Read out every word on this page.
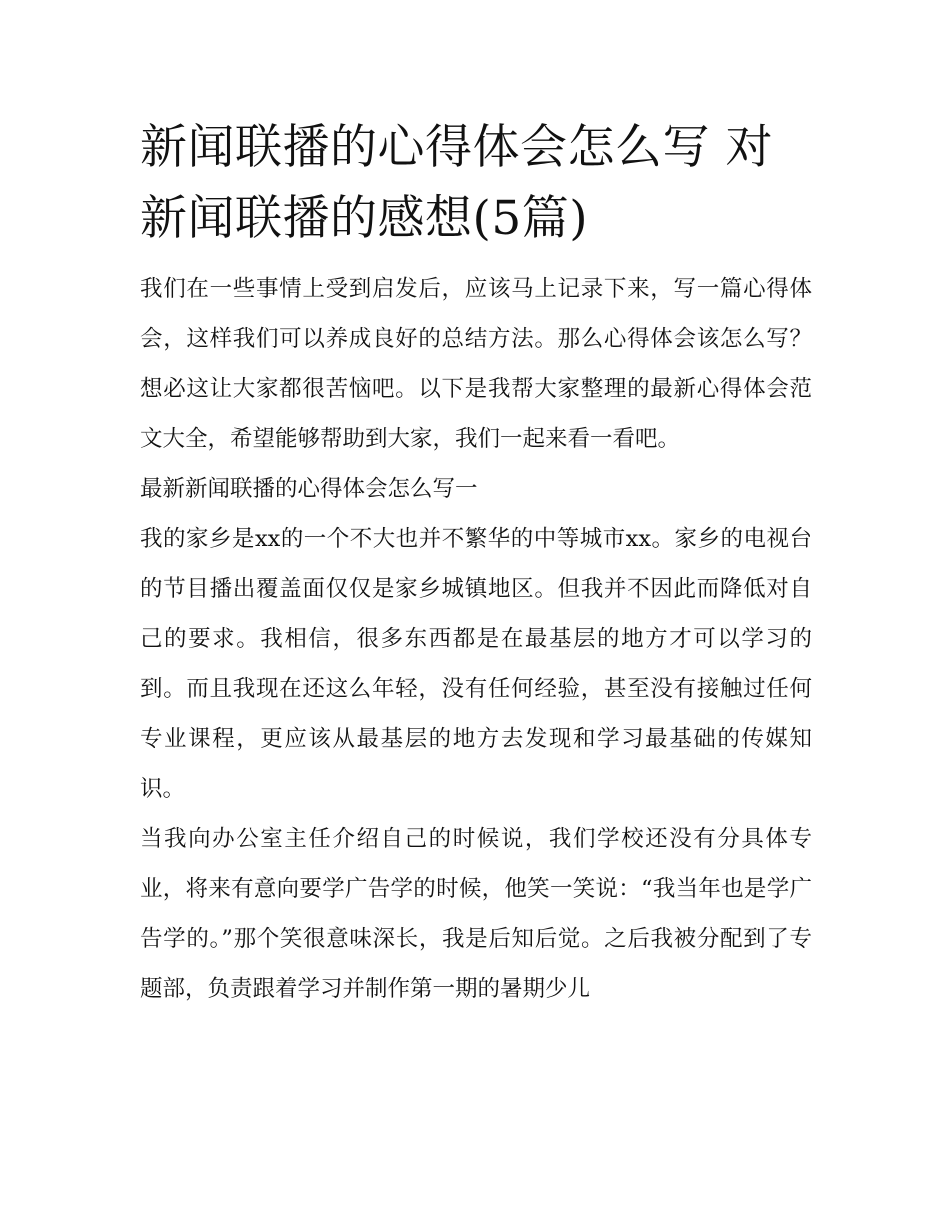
新闻联播的心得体会怎么写 对新闻联播的感想(5篇)

我们在一些事情上受到启发后，应该马上记录下来，写一篇心得体会，这样我们可以养成良好的总结方法。那么心得体会该怎么写？想必这让大家都很苦恼吧。以下是我帮大家整理的最新心得体会范文大全，希望能够帮助到大家，我们一起来看一看吧。

最新新闻联播的心得体会怎么写一

我的家乡是xx的一个不大也并不繁华的中等城市xx。家乡的电视台的节目播出覆盖面仅仅是家乡城镇地区。但我并不因此而降低对自己的要求。我相信，很多东西都是在最基层的地方才可以学习的到。而且我现在还这么年轻，没有任何经验，甚至没有接触过任何专业课程，更应该从最基层的地方去发现和学习最基础的传媒知识。

当我向办公室主任介绍自己的时候说，我们学校还没有分具体专业，将来有意向要学广告学的时候，他笑一笑说：“我当年也是学广告学的。”那个笑很意味深长，我是后知后觉。之后我被分配到了专题部，负责跟着学习并制作第一期的暑期少儿
